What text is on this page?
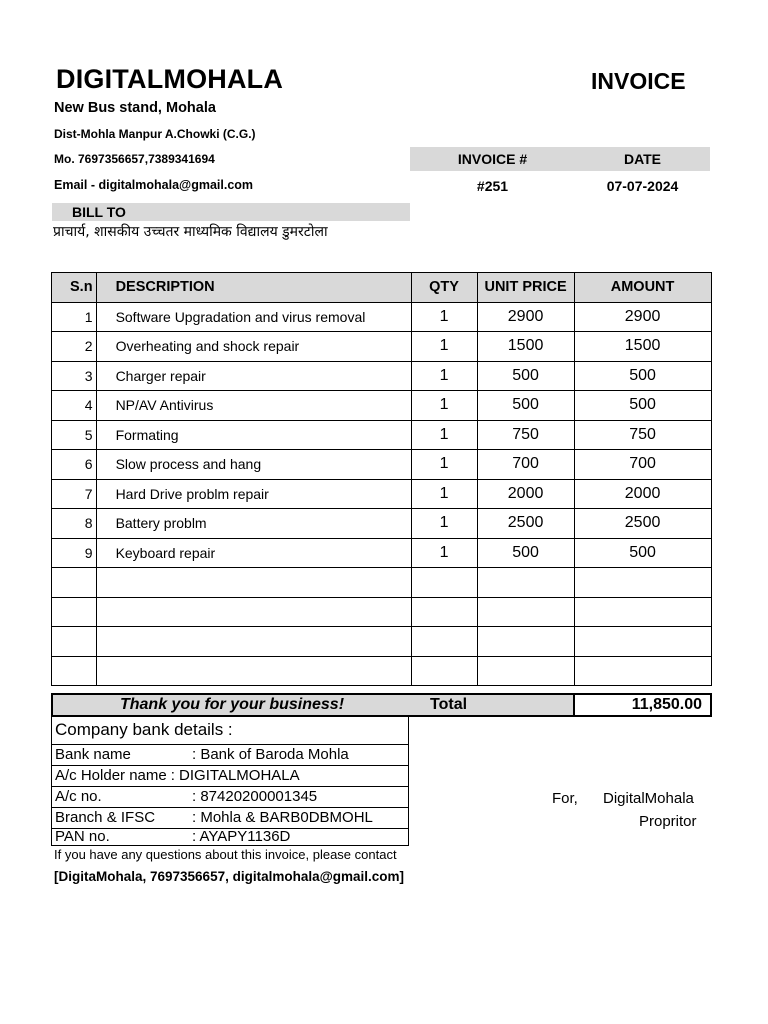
DIGITALMOHALA	INVOICE
New Bus stand, Mohala
Dist-Mohla Manpur A.Chowki (C.G.)
Mo. 7697356657,7389341694
Email - digitalmohala@gmail.com
INVOICE #	DATE
#251	07-07-2024
BILL TO
प्राचार्य, शासकीय उच्चतर माध्यमिक विद्यालय डुमरटोला
S.n	DESCRIPTION	QTY	UNIT PRICE	AMOUNT
1	Software Upgradation and virus removal	1	2900	2900
2	Overheating and shock repair	1	1500	1500
3	Charger repair	1	500	500
4	NP/AV Antivirus	1	500	500
5	Formating	1	750	750
6	Slow process and hang	1	700	700
7	Hard Drive problm repair	1	2000	2000
8	Battery problm	1	2500	2500
9	Keyboard repair	1	500	500

Thank you for your business!	Total	11,850.00
Company bank details :
Bank name	: Bank of Baroda Mohla
A/c Holder name : DIGITALMOHALA
A/c no.	: 87420200001345
Branch & IFSC : Mohla & BARB0DBMOHL
PAN no.	: AYAPY1136D
For, DigitalMohala
Propritor
If you have any questions about this invoice, please contact
[DigitaMohala, 7697356657, digitalmohala@gmail.com]
